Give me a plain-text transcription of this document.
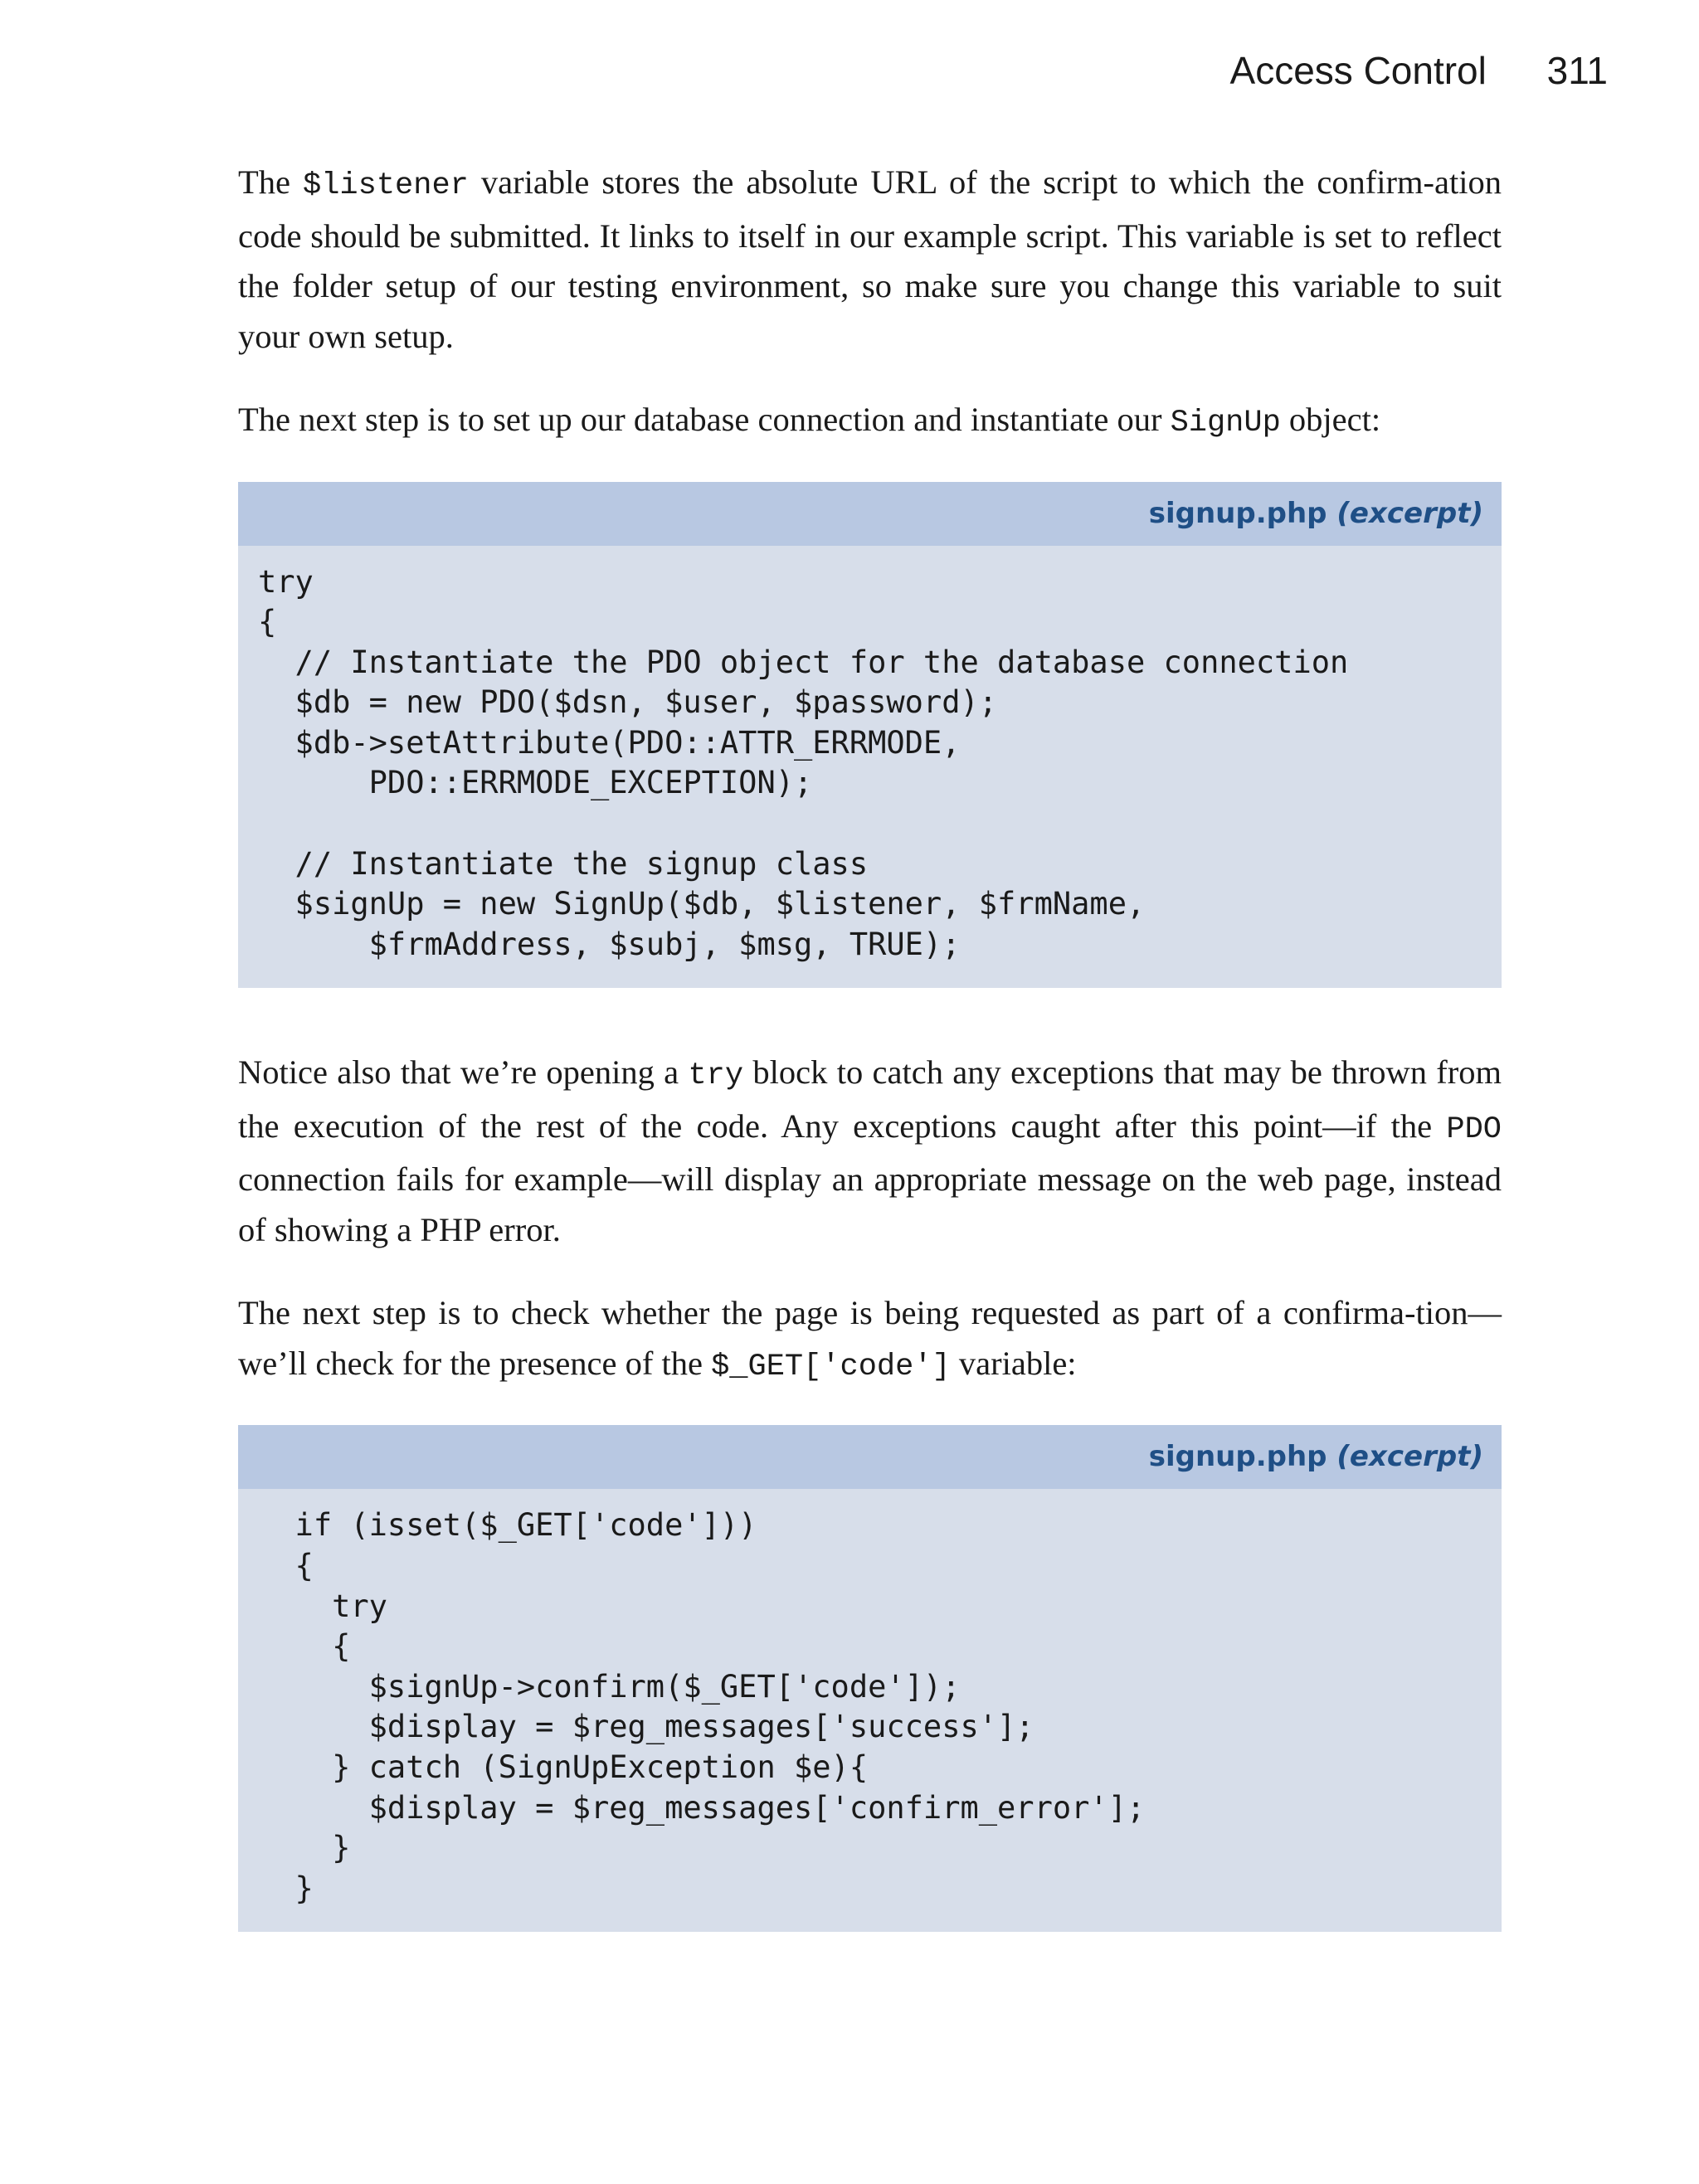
Access Control 311

The $listener variable stores the absolute URL of the script to which the confirm-ation code should be submitted. It links to itself in our example script. This variable is set to reflect the folder setup of our testing environment, so make sure you change this variable to suit your own setup.

The next step is to set up our database connection and instantiate our SignUp object:

signup.php (excerpt)
try
{
// Instantiate the PDO object for the database connection
$db = new PDO($dsn, $user, $password);
$db->setAttribute(PDO::ATTR_ERRMODE,
PDO::ERRMODE_EXCEPTION);

// Instantiate the signup class
$signUp = new SignUp($db, $listener, $frmName,
$frmAddress, $subj, $msg, TRUE);

Notice also that we’re opening a try block to catch any exceptions that may be thrown from the execution of the rest of the code. Any exceptions caught after this point—if the PDO connection fails for example—will display an appropriate message on the web page, instead of showing a PHP error.

The next step is to check whether the page is being requested as part of a confirma-tion—we’ll check for the presence of the $_GET['code'] variable:

signup.php (excerpt)
if (isset($_GET['code']))
{
try
{
$signUp->confirm($_GET['code']);
$display = $reg_messages['success'];
} catch (SignUpException $e){
$display = $reg_messages['confirm_error'];
}
}
